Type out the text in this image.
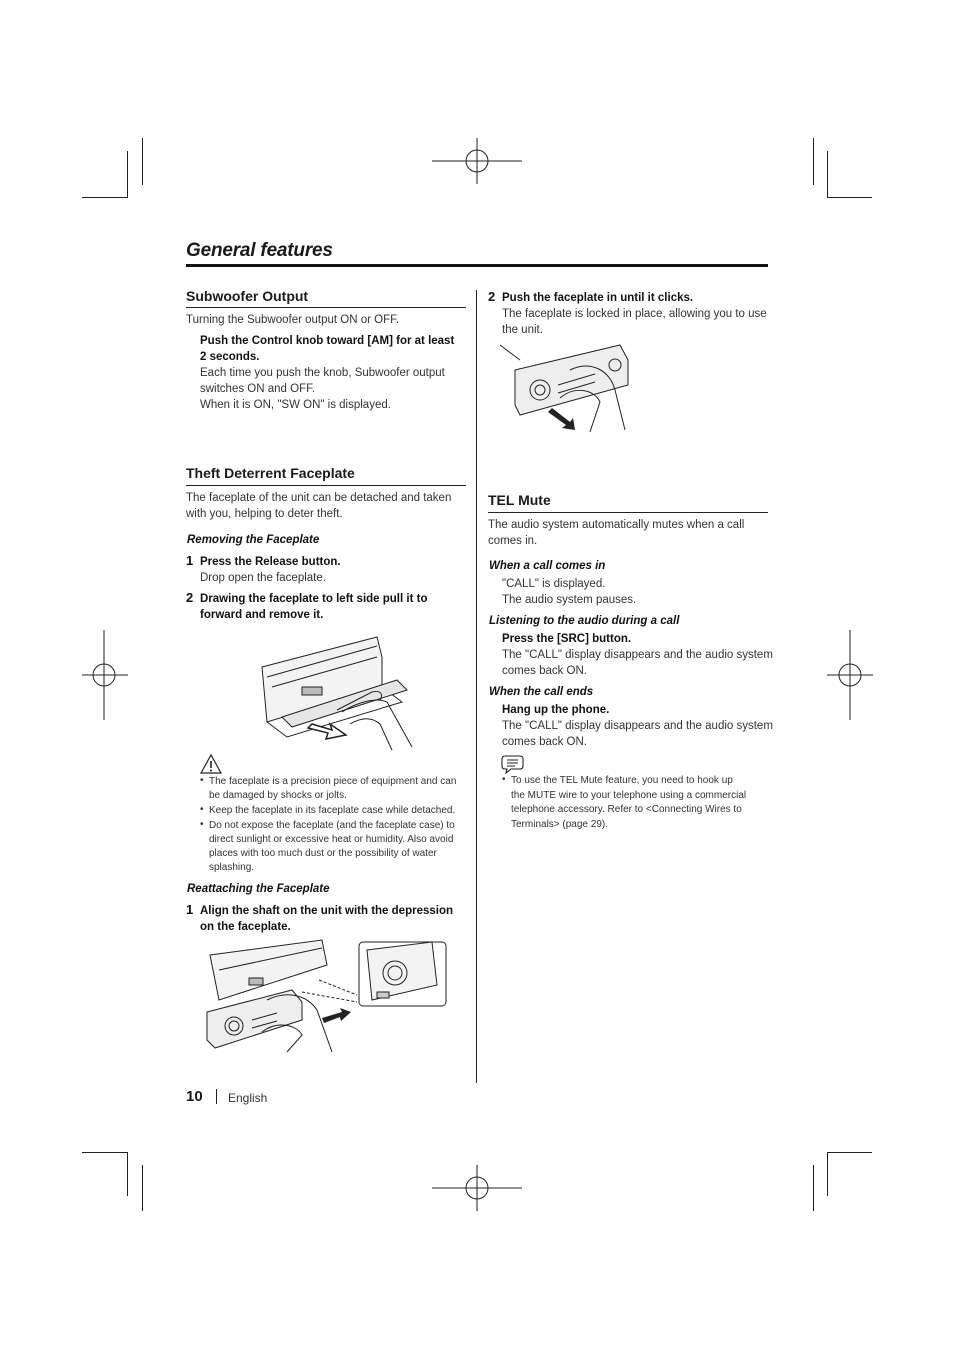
General features
Subwoofer Output
Turning the Subwoofer output ON or OFF.
Push the Control knob toward [AM] for at least
2 seconds.
Each time you push the knob, Subwoofer output
switches ON and OFF.
When it is ON, "SW ON" is displayed.
Theft Deterrent Faceplate
The faceplate of the unit can be detached and taken
with you, helping to deter theft.
Removing the Faceplate
1 Press the Release button.
Drop open the faceplate.
2 Drawing the faceplate to left side pull it to
forward and remove it.
• The faceplate is a precision piece of equipment and can
be damaged by shocks or jolts.
• Keep the faceplate in its faceplate case while detached.
• Do not expose the faceplate (and the faceplate case) to
direct sunlight or excessive heat or humidity. Also avoid
places with too much dust or the possibility of water
splashing.
Reattaching the Faceplate
1 Align the shaft on the unit with the depression
on the faceplate.
2 Push the faceplate in until it clicks.
The faceplate is locked in place, allowing you to use
the unit.
TEL Mute
The audio system automatically mutes when a call
comes in.
When a call comes in
"CALL" is displayed.
The audio system pauses.
Listening to the audio during a call
Press the [SRC] button.
The "CALL" display disappears and the audio system
comes back ON.
When the call ends
Hang up the phone.
The "CALL" display disappears and the audio system
comes back ON.
• To use the TEL Mute feature, you need to hook up
the MUTE wire to your telephone using a commercial
telephone accessory. Refer to <Connecting Wires to
Terminals> (page 29).
10 English
